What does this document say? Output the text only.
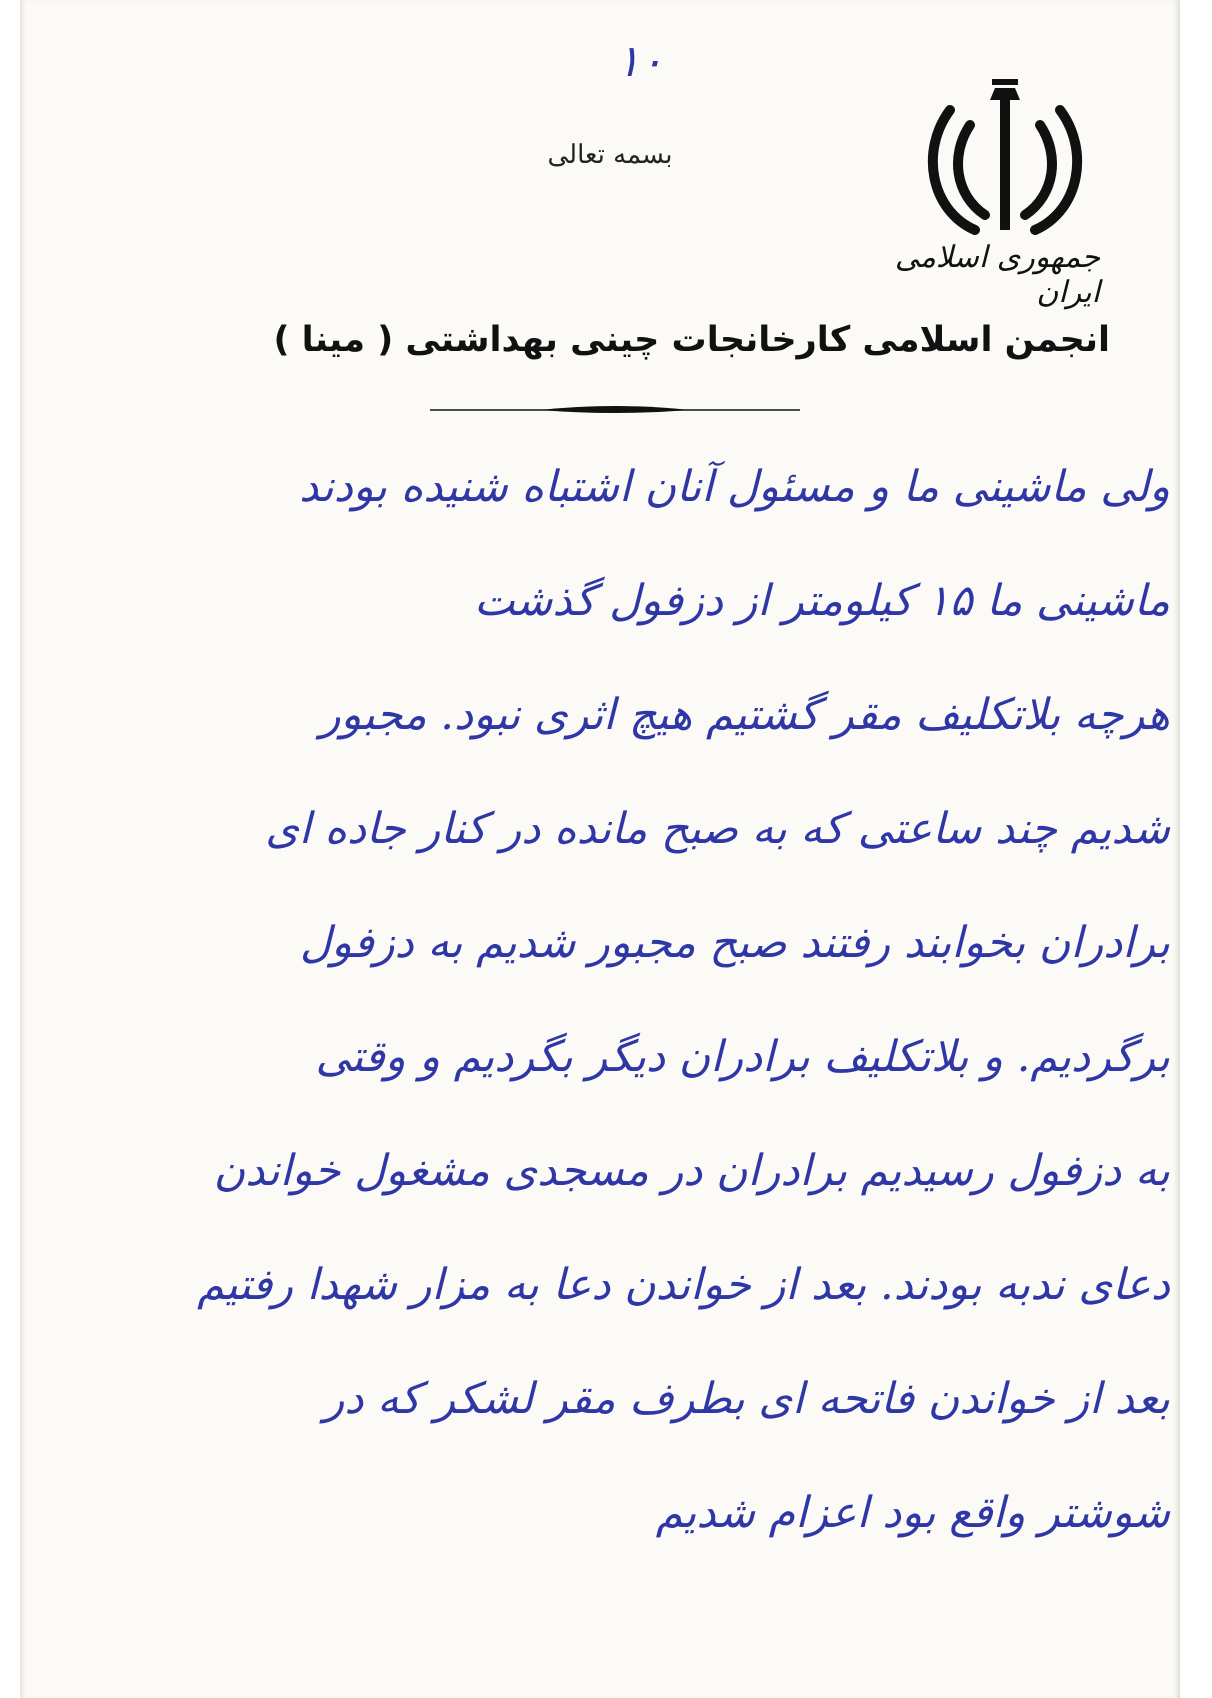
۱۰
بسمه تعالی
جمهوری اسلامی ایران
انجمن اسلامی کارخانجات چینی بهداشتی ( مینا )
ولی ماشینی ما و مسئول آنان اشتباه شنیده بودند
ماشینی ما ۱۵ کیلومتر از دزفول گذشت
هرچه بلاتکلیف مقر گشتیم هیچ اثری نبود. مجبور
شدیم چند ساعتی که به صبح مانده در کنار جاده ای
برادران بخوابند رفتند صبح مجبور شدیم به دزفول
برگردیم. و بلاتکلیف برادران دیگر بگردیم و وقتی
به دزفول رسیدیم برادران در مسجدی مشغول خواندن
دعای ندبه بودند. بعد از خواندن دعا به مزار شهدا رفتیم
بعد از خواندن فاتحه ای بطرف مقر لشکر که در
شوشتر واقع بود اعزام شدیم
